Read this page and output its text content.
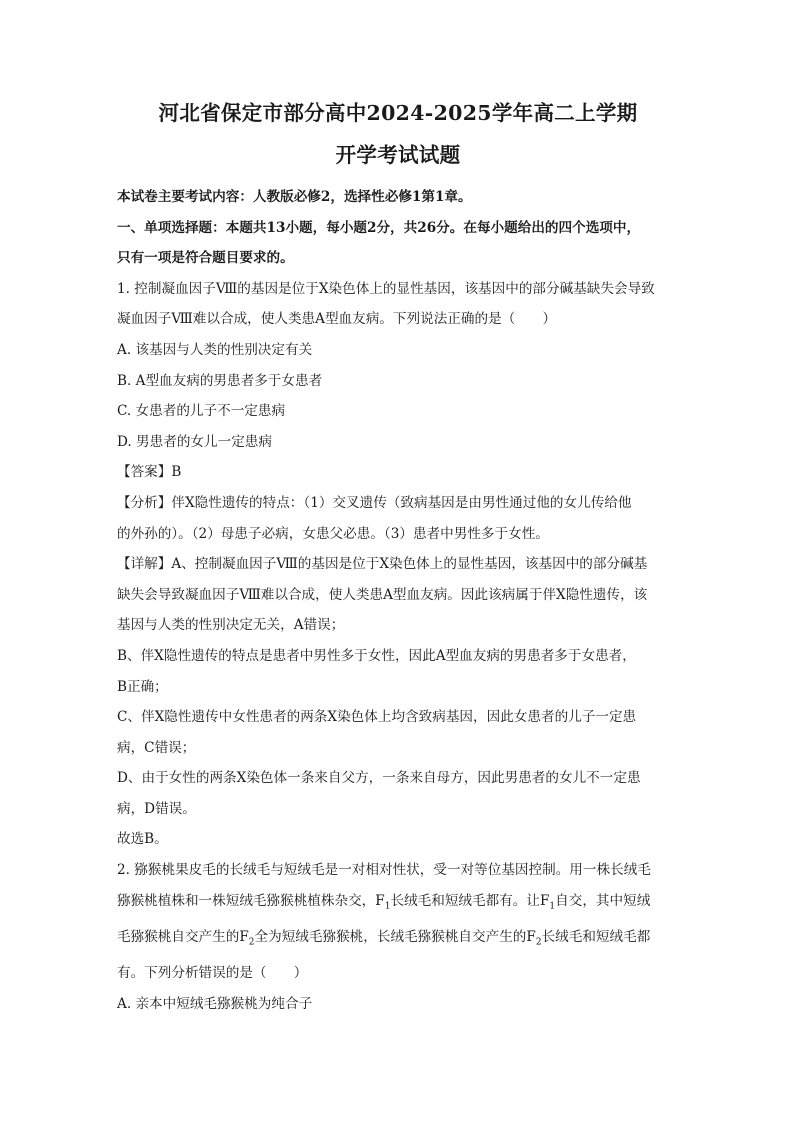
河北省保定市部分高中2024-2025学年高二上学期

开学考试试题

本试卷主要考试内容：人教版必修2，选择性必修1第1章。

一、单项选择题：本题共13小题，每小题2分，共26分。在每小题给出的四个选项中，

只有一项是符合题目要求的。

1. 控制凝血因子Ⅷ的基因是位于X染色体上的显性基因，该基因中的部分碱基缺失会导致

凝血因子Ⅷ难以合成，使人类患A型血友病。下列说法正确的是（　　）

A. 该基因与人类的性别决定有关

B. A型血友病的男患者多于女患者

C. 女患者的儿子不一定患病

D. 男患者的女儿一定患病

【答案】B

【分析】伴X隐性遗传的特点：（1）交叉遗传（致病基因是由男性通过他的女儿传给他

的外孙的）。（2）母患子必病，女患父必患。（3）患者中男性多于女性。

【详解】A、控制凝血因子Ⅷ的基因是位于X染色体上的显性基因，该基因中的部分碱基

缺失会导致凝血因子Ⅷ难以合成，使人类患A型血友病。因此该病属于伴X隐性遗传，该

基因与人类的性别决定无关，A错误；

B、伴X隐性遗传的特点是患者中男性多于女性，因此A型血友病的男患者多于女患者，

B正确；

C、伴X隐性遗传中女性患者的两条X染色体上均含致病基因，因此女患者的儿子一定患

病，C错误；

D、由于女性的两条X染色体一条来自父方，一条来自母方，因此男患者的女儿不一定患

病，D错误。

故选B。

2. 猕猴桃果皮毛的长绒毛与短绒毛是一对相对性状，受一对等位基因控制。用一株长绒毛

猕猴桃植株和一株短绒毛猕猴桃植株杂交，$F_1$长绒毛和短绒毛都有。让$F_1$自交，其中短绒

毛猕猴桃自交产生的$F_2$全为短绒毛猕猴桃，长绒毛猕猴桃自交产生的$F_2$长绒毛和短绒毛都

有。下列分析错误的是（　　）

A. 亲本中短绒毛猕猴桃为纯合子
